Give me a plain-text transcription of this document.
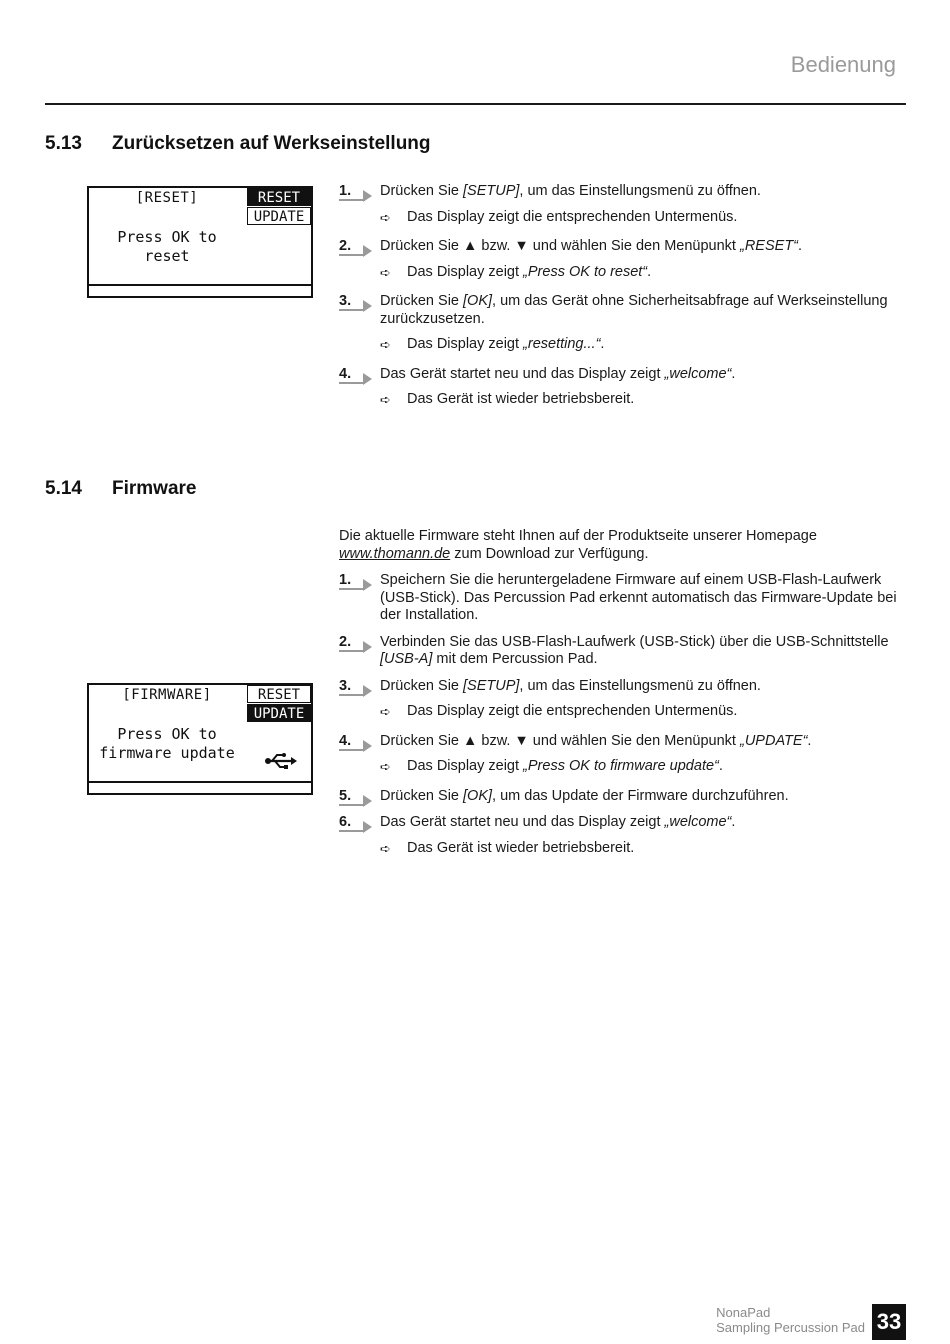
Bedienung
5.13 Zurücksetzen auf Werkseinstellung
[RESET]	RESET
UPDATE
Press OK to
reset
1.	Drücken Sie [SETUP], um das Einstellungsmenü zu öffnen.
➪ Das Display zeigt die entsprechenden Untermenüs.
2.	Drücken Sie ▲ bzw. ▼ und wählen Sie den Menüpunkt „RESET“.
➪ Das Display zeigt „Press OK to reset“.
3.	Drücken Sie [OK], um das Gerät ohne Sicherheitsabfrage auf Werkseinstellung zurückzusetzen.
➪ Das Display zeigt „resetting...“.
4.	Das Gerät startet neu und das Display zeigt „welcome“.
➪ Das Gerät ist wieder betriebsbereit.
5.14 Firmware
[FIRMWARE]	RESET
UPDATE
Press OK to
firmware update
Die aktuelle Firmware steht Ihnen auf der Produktseite unserer Homepage www.thomann.de zum Download zur Verfügung.
1.	Speichern Sie die heruntergeladene Firmware auf einem USB-Flash-Laufwerk (USB-Stick). Das Percussion Pad erkennt automatisch das Firmware-Update bei der Installation.
2.	Verbinden Sie das USB-Flash-Laufwerk (USB-Stick) über die USB-Schnittstelle [USB-A] mit dem Percussion Pad.
3.	Drücken Sie [SETUP], um das Einstellungsmenü zu öffnen.
➪ Das Display zeigt die entsprechenden Untermenüs.
4.	Drücken Sie ▲ bzw. ▼ und wählen Sie den Menüpunkt „UPDATE“.
➪ Das Display zeigt „Press OK to firmware update“.
5.	Drücken Sie [OK], um das Update der Firmware durchzuführen.
6.	Das Gerät startet neu und das Display zeigt „welcome“.
➪ Das Gerät ist wieder betriebsbereit.
NonaPad
Sampling Percussion Pad 33
